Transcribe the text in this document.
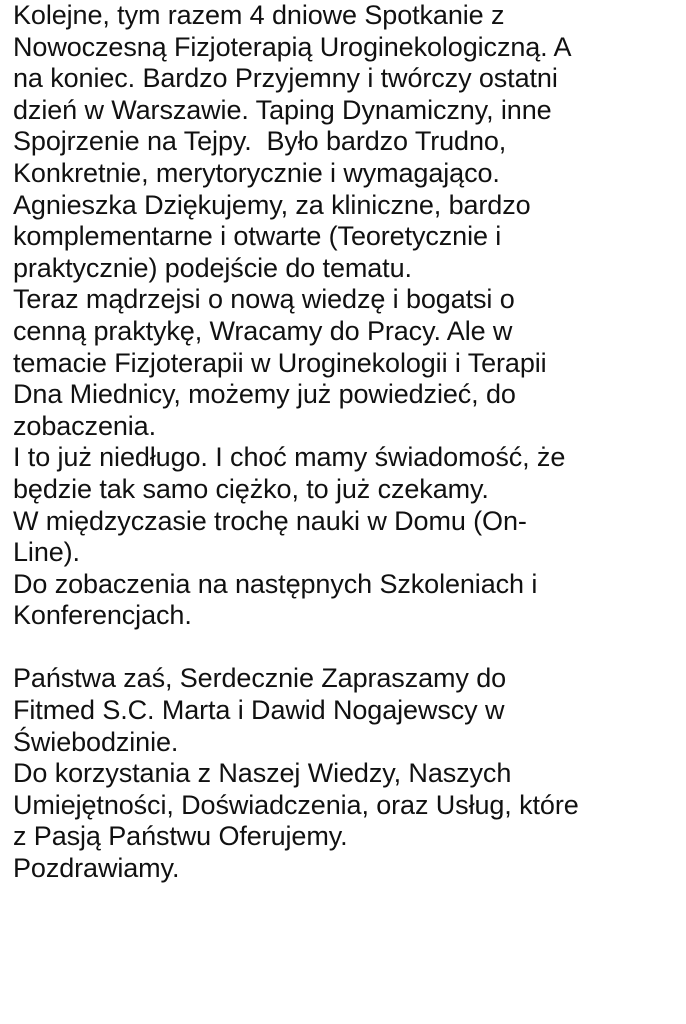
Kolejne, tym razem 4 dniowe Spotkanie z
Nowoczesną Fizjoterapią Uroginekologiczną. A
na koniec. Bardzo Przyjemny i twórczy ostatni
dzień w Warszawie. Taping Dynamiczny, inne
Spojrzenie na Tejpy.  Było bardzo Trudno,
Konkretnie, merytorycznie i wymagająco.
Agnieszka Dziękujemy, za kliniczne, bardzo
komplementarne i otwarte (Teoretycznie i
praktycznie) podejście do tematu.
Teraz mądrzejsi o nową wiedzę i bogatsi o
cenną praktykę, Wracamy do Pracy. Ale w
temacie Fizjoterapii w Uroginekologii i Terapii
Dna Miednicy, możemy już powiedzieć, do
zobaczenia.
I to już niedługo. I choć mamy świadomość, że
będzie tak samo ciężko, to już czekamy.
W międzyczasie trochę nauki w Domu (On-
Line).
Do zobaczenia na następnych Szkoleniach i
Konferencjach.
Państwa zaś, Serdecznie Zapraszamy do
Fitmed S.C. Marta i Dawid Nogajewscy w
Świebodzinie.
Do korzystania z Naszej Wiedzy, Naszych
Umiejętności, Doświadczenia, oraz Usług, które
z Pasją Państwu Oferujemy.
Pozdrawiamy.
